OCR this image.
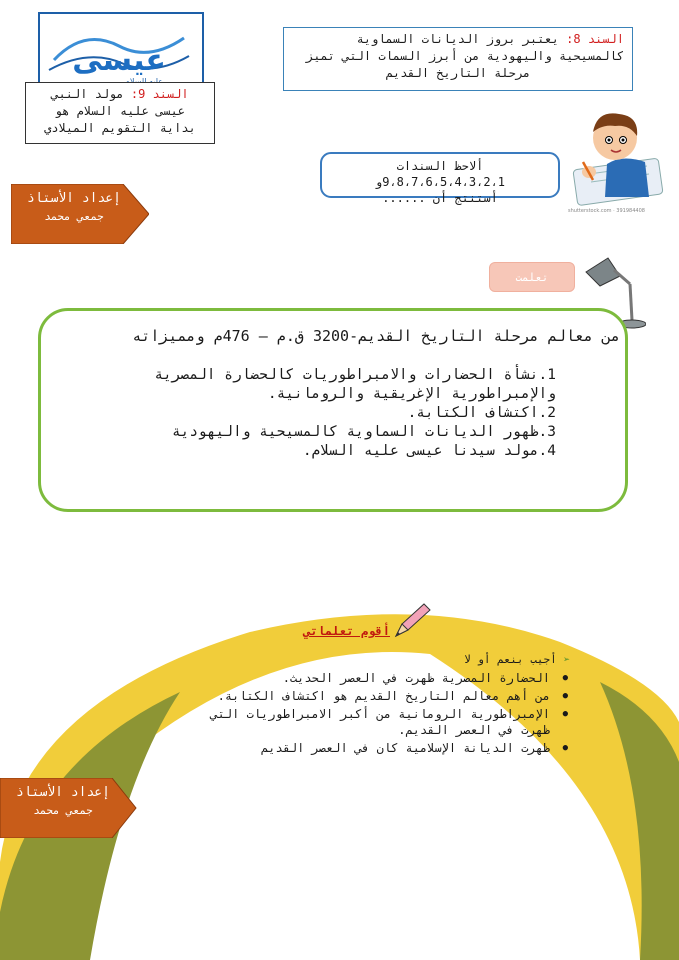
عيسى
السند 9: مولد النبي
عيسى عليه السلام هو
بداية التقويم الميلادي
السند 8: يعتبر بروز الديانات السماوية
كالمسيحية واليهودية من أبرز السمات التي تميز
مرحلة التاريخ القديم
shutterstock.com · 391984408
ألاحظ السندات 9،8،7،6،5،4،3،2،1و
أستنتج أن ......
إعداد الأستاذ
جمعي محمد
تعلمت
من معالم مرحلة التاريخ القديم-3200 ق.م – 476م ومميزاته
1.نشأة الحضارات والامبراطوريات كالحضارة المصرية والإمبراطورية الإغريقية والرومانية.
2.اكتشاف الكتابة.
3.ظهور الديانات السماوية كالمسيحية واليهودية
4.مولد سيدنا عيسى عليه السلام.
أقوم تعلماتي
➢ أجيب بنعم أو لا
● الحضارة المصرية ظهرت في العصر الحديث.
● من أهم معالم التاريخ القديم هو اكتشاف الكتابة.
● الإمبراطورية الرومانية من أكبر الامبراطوريات التي ظهرت في العصر القديم.
● ظهرت الديانة الإسلامية كان في العصر القديم
إعداد الأستاذ
جمعي محمد
